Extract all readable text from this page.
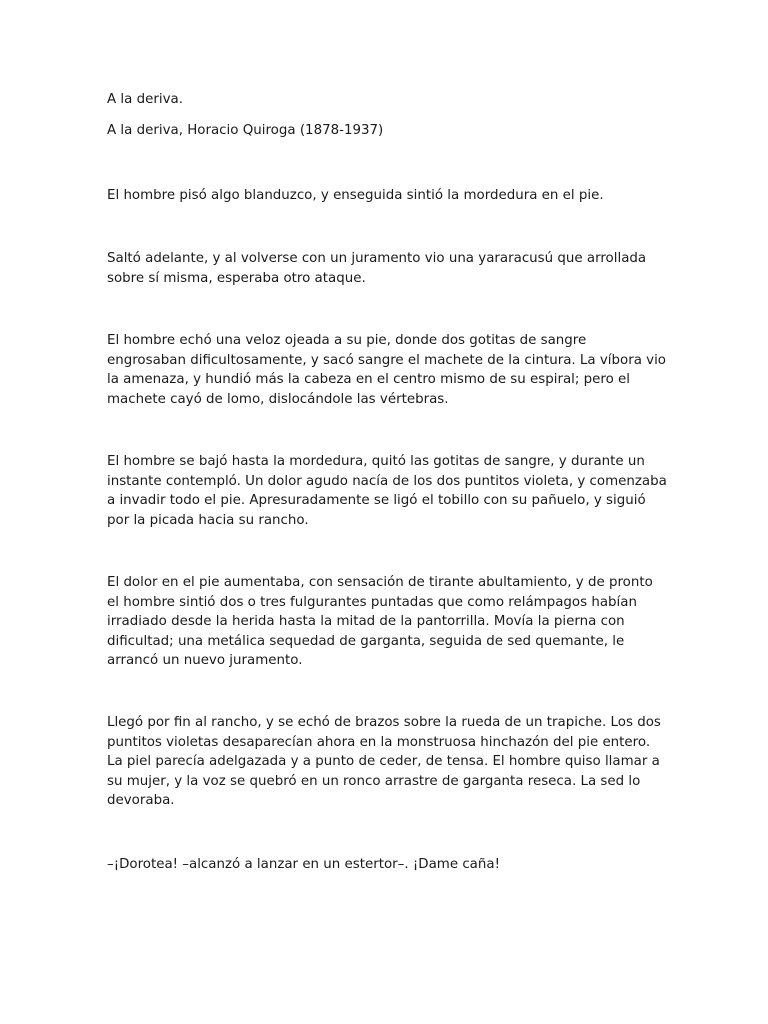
A la deriva.

A la deriva, Horacio Quiroga (1878-1937)

El hombre pisó algo blanduzco, y enseguida sintió la mordedura en el pie.

Saltó adelante, y al volverse con un juramento vio una yararacusú que arrollada sobre sí misma, esperaba otro ataque.

El hombre echó una veloz ojeada a su pie, donde dos gotitas de sangre engrosaban dificultosamente, y sacó sangre el machete de la cintura. La víbora vio la amenaza, y hundió más la cabeza en el centro mismo de su espiral; pero el machete cayó de lomo, dislocándole las vértebras.

El hombre se bajó hasta la mordedura, quitó las gotitas de sangre, y durante un instante contempló. Un dolor agudo nacía de los dos puntitos violeta, y comenzaba a invadir todo el pie. Apresuradamente se ligó el tobillo con su pañuelo, y siguió por la picada hacia su rancho.

El dolor en el pie aumentaba, con sensación de tirante abultamiento, y de pronto el hombre sintió dos o tres fulgurantes puntadas que como relámpagos habían irradiado desde la herida hasta la mitad de la pantorrilla. Movía la pierna con dificultad; una metálica sequedad de garganta, seguida de sed quemante, le arrancó un nuevo juramento.

Llegó por fin al rancho, y se echó de brazos sobre la rueda de un trapiche. Los dos puntitos violetas desaparecían ahora en la monstruosa hinchazón del pie entero. La piel parecía adelgazada y a punto de ceder, de tensa. El hombre quiso llamar a su mujer, y la voz se quebró en un ronco arrastre de garganta reseca. La sed lo devoraba.

–¡Dorotea! –alcanzó a lanzar en un estertor–. ¡Dame caña!
